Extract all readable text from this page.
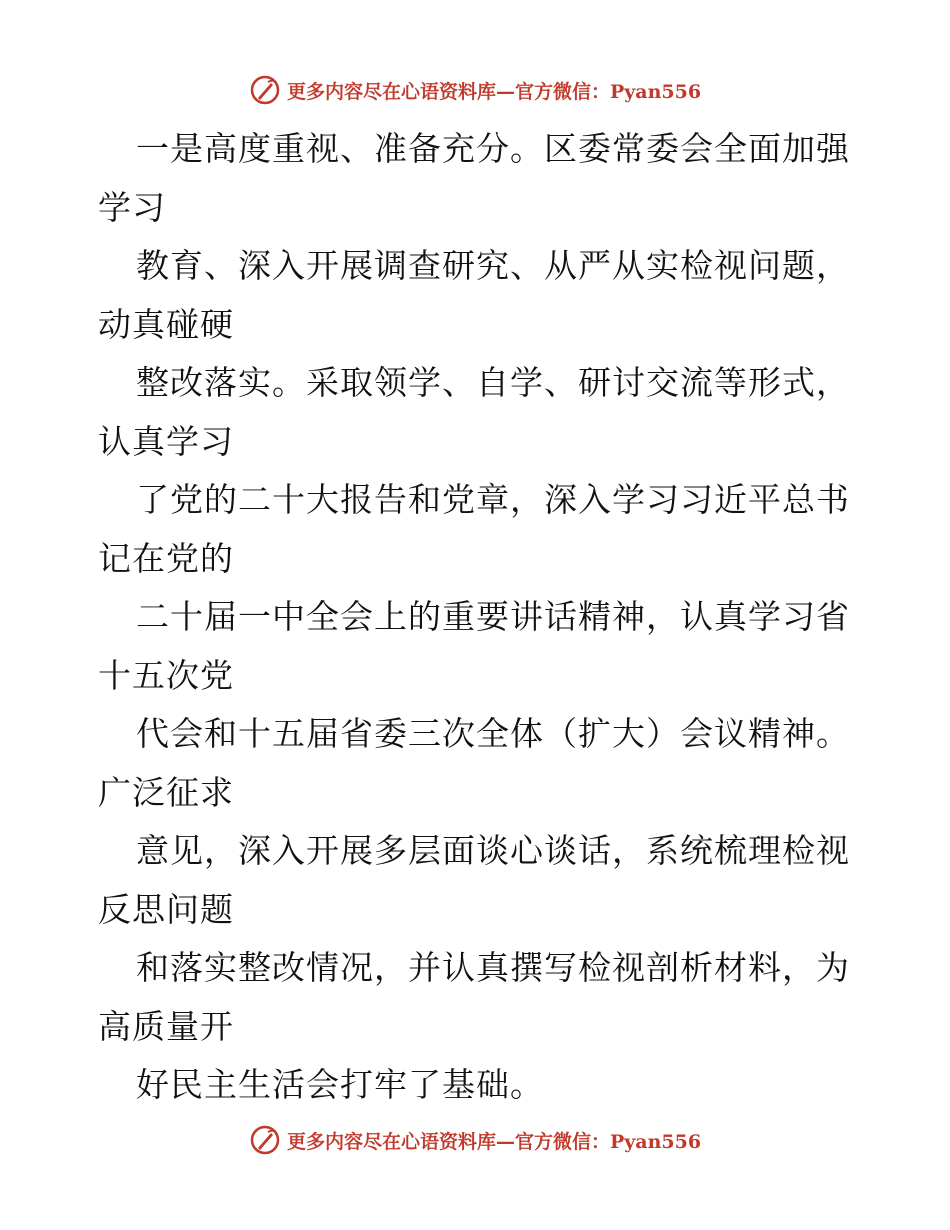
更多内容尽在心语资料库—官方微信：Pyan556
一是高度重视、准备充分。区委常委会全面加强
学习
教育、深入开展调查研究、从严从实检视问题，
动真碰硬
整改落实。采取领学、自学、研讨交流等形式，
认真学习
了党的二十大报告和党章，深入学习习近平总书
记在党的
二十届一中全会上的重要讲话精神，认真学习省
十五次党
代会和十五届省委三次全体（扩大）会议精神。
广泛征求
意见，深入开展多层面谈心谈话，系统梳理检视
反思问题
和落实整改情况，并认真撰写检视剖析材料，为
高质量开
好民主生活会打牢了基础。
更多内容尽在心语资料库—官方微信：Pyan556
